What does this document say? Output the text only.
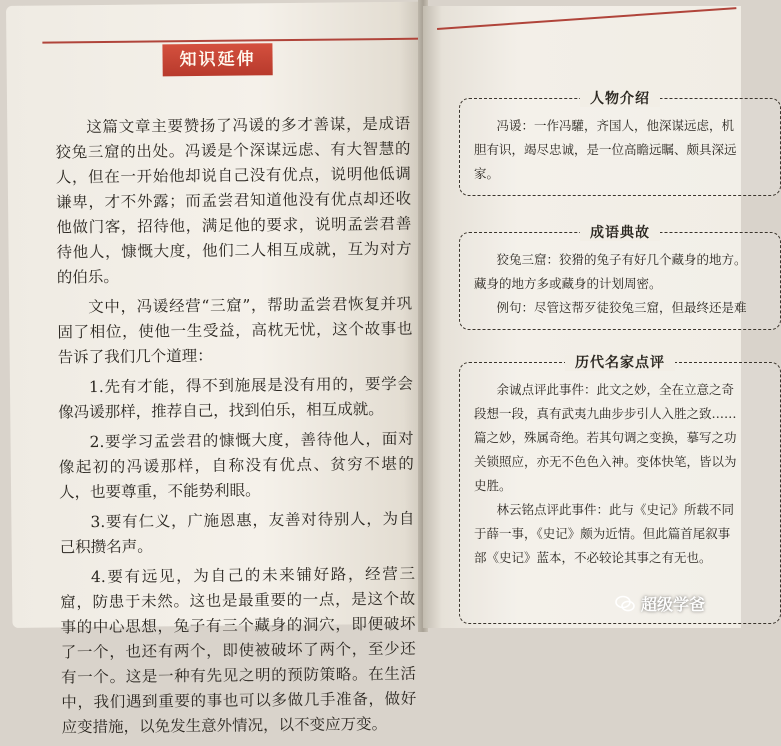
知识延伸

这篇文章主要赞扬了冯谖的多才善谋，是成语狡兔三窟的出处。冯谖是个深谋远虑、有大智慧的人，但在一开始他却说自己没有优点，说明他低调谦卑，才不外露；而孟尝君知道他没有优点却还收他做门客，招待他，满足他的要求，说明孟尝君善待他人，慷慨大度，他们二人相互成就，互为对方的伯乐。

文中，冯谖经营“三窟”，帮助孟尝君恢复并巩固了相位，使他一生受益，高枕无忧，这个故事也告诉了我们几个道理：

1.先有才能，得不到施展是没有用的，要学会像冯谖那样，推荐自己，找到伯乐，相互成就。

2.要学习孟尝君的慷慨大度，善待他人，面对像起初的冯谖那样，自称没有优点、贫穷不堪的人，也要尊重，不能势利眼。

3.要有仁义，广施恩惠，友善对待别人，为自己积攒名声。

4.要有远见，为自己的未来铺好路，经营三窟，防患于未然。这也是最重要的一点，是这个故事的中心思想，兔子有三个藏身的洞穴，即便破坏了一个，也还有两个，即使被破坏了两个，至少还有一个。这是一种有先见之明的预防策略。在生活中，我们遇到重要的事也可以多做几手准备，做好应变措施，以免发生意外情况，以不变应万变。

人物介绍

冯谖：一作冯驩，齐国人，他深谋远虑，机

胆有识，竭尽忠诚，是一位高瞻远瞩、颇具深远

家。

成语典故

狡兔三窟：狡猾的兔子有好几个藏身的地方。

藏身的地方多或藏身的计划周密。

例句：尽管这帮歹徒狡兔三窟，但最终还是难

历代名家点评

余诚点评此事件：此文之妙，全在立意之奇

段想一段，真有武夷九曲步步引人入胜之致……

篇之妙，殊属奇绝。若其句调之变换，摹写之功

关锁照应，亦无不色色入神。变体快笔，皆以为

史胜。

林云铭点评此事件：此与《史记》所载不同

于薛一事，《史记》颇为近情。但此篇首尾叙事

部《史记》蓝本，不必较论其事之有无也。

超级学爸
